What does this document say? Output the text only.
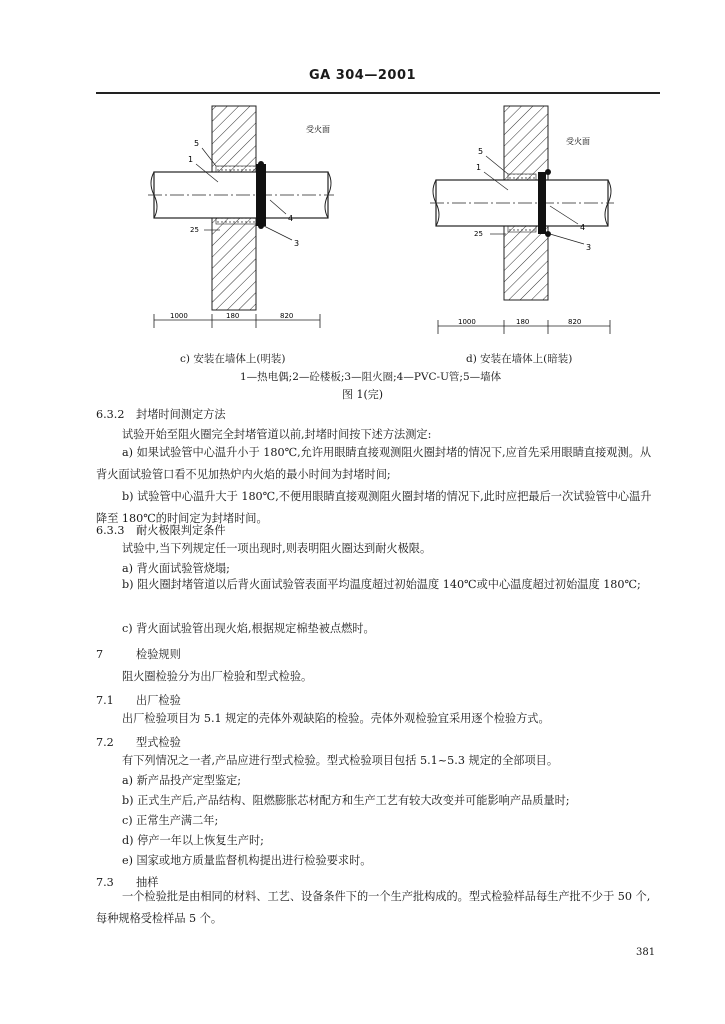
GA 304—2001
受火面
5
1
4
3
25
1000	180	820
受火面
5
1
4
3
25
1000	180	820
c) 安装在墙体上(明装)	d) 安装在墙体上(暗装)
1—热电偶;2—砼楼板;3—阻火圈;4—PVC-U管;5—墙体
图 1(完)
6.3.2 封堵时间测定方法
试验开始至阻火圈完全封堵管道以前,封堵时间按下述方法测定:
a) 如果试验管中心温升小于 180℃,允许用眼睛直接观测阻火圈封堵的情况下,应首先采用眼睛直接观测。从背火面试验管口看不见加热炉内火焰的最小时间为封堵时间;
b) 试验管中心温升大于 180℃,不便用眼睛直接观测阻火圈封堵的情况下,此时应把最后一次试验管中心温升降至 180℃的时间定为封堵时间。
6.3.3 耐火极限判定条件
试验中,当下列规定任一项出现时,则表明阻火圈达到耐火极限。
a) 背火面试验管烧塌;
b) 阻火圈封堵管道以后背火面试验管表面平均温度超过初始温度 140℃或中心温度超过初始温度 180℃;
c) 背火面试验管出现火焰,根据规定棉垫被点燃时。
7	检验规则
阻火圈检验分为出厂检验和型式检验。
7.1 出厂检验
出厂检验项目为 5.1 规定的壳体外观缺陷的检验。壳体外观检验宜采用逐个检验方式。
7.2 型式检验
有下列情况之一者,产品应进行型式检验。型式检验项目包括 5.1~5.3 规定的全部项目。
a) 新产品投产定型鉴定;
b) 正式生产后,产品结构、阻燃膨胀芯材配方和生产工艺有较大改变并可能影响产品质量时;
c) 正常生产满二年;
d) 停产一年以上恢复生产时;
e) 国家或地方质量监督机构提出进行检验要求时。
7.3 抽样
一个检验批是由相同的材料、工艺、设备条件下的一个生产批构成的。型式检验样品每生产批不少于 50 个,每种规格受检样品 5 个。
381
